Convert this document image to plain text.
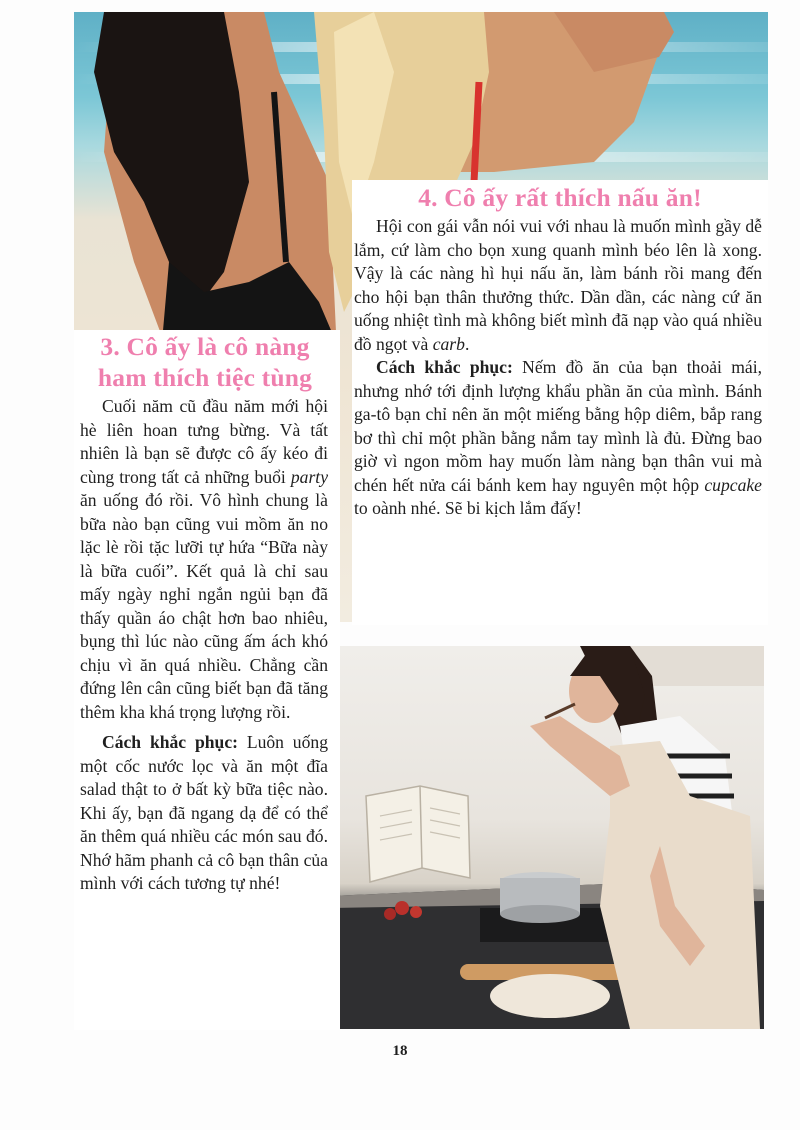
3. Cô ấy là cô nàng
ham thích tiệc tùng
4. Cô ấy rất thích nấu ăn!

Cuối năm cũ đầu năm mới hội hè liên hoan tưng bừng. Và tất nhiên là bạn sẽ được cô ấy kéo đi cùng trong tất cả những buổi party ăn uống đó rồi. Vô hình chung là bữa nào bạn cũng vui mồm ăn no lặc lè rồi tặc lưỡi tự hứa “Bữa này là bữa cuối”. Kết quả là chỉ sau mấy ngày nghỉ ngắn ngủi bạn đã thấy quần áo chật hơn bao nhiêu, bụng thì lúc nào cũng ấm ách khó chịu vì ăn quá nhiều. Chẳng cần đứng lên cân cũng biết bạn đã tăng thêm kha khá trọng lượng rồi.

Cách khắc phục: Luôn uống một cốc nước lọc và ăn một đĩa salad thật to ở bất kỳ bữa tiệc nào. Khi ấy, bạn đã ngang dạ để có thể ăn thêm quá nhiều các món sau đó. Nhớ hãm phanh cả cô bạn thân của mình với cách tương tự nhé!

Hội con gái vẫn nói vui với nhau là muốn mình gầy dễ lắm, cứ làm cho bọn xung quanh mình béo lên là xong. Vậy là các nàng hì hụi nấu ăn, làm bánh rồi mang đến cho hội bạn thân thưởng thức. Dần dần, các nàng cứ ăn uống nhiệt tình mà không biết mình đã nạp vào quá nhiều đồ ngọt và carb.

Cách khắc phục: Nếm đồ ăn của bạn thoải mái, nhưng nhớ tới định lượng khẩu phần ăn của mình. Bánh ga-tô bạn chỉ nên ăn một miếng bằng hộp diêm, bắp rang bơ thì chỉ một phần bằng nắm tay mình là đủ. Đừng bao giờ vì ngon mồm hay muốn làm nàng bạn thân vui mà chén hết nửa cái bánh kem hay nguyên một hộp cupcake to oành nhé. Sẽ bi kịch lắm đấy!

18
